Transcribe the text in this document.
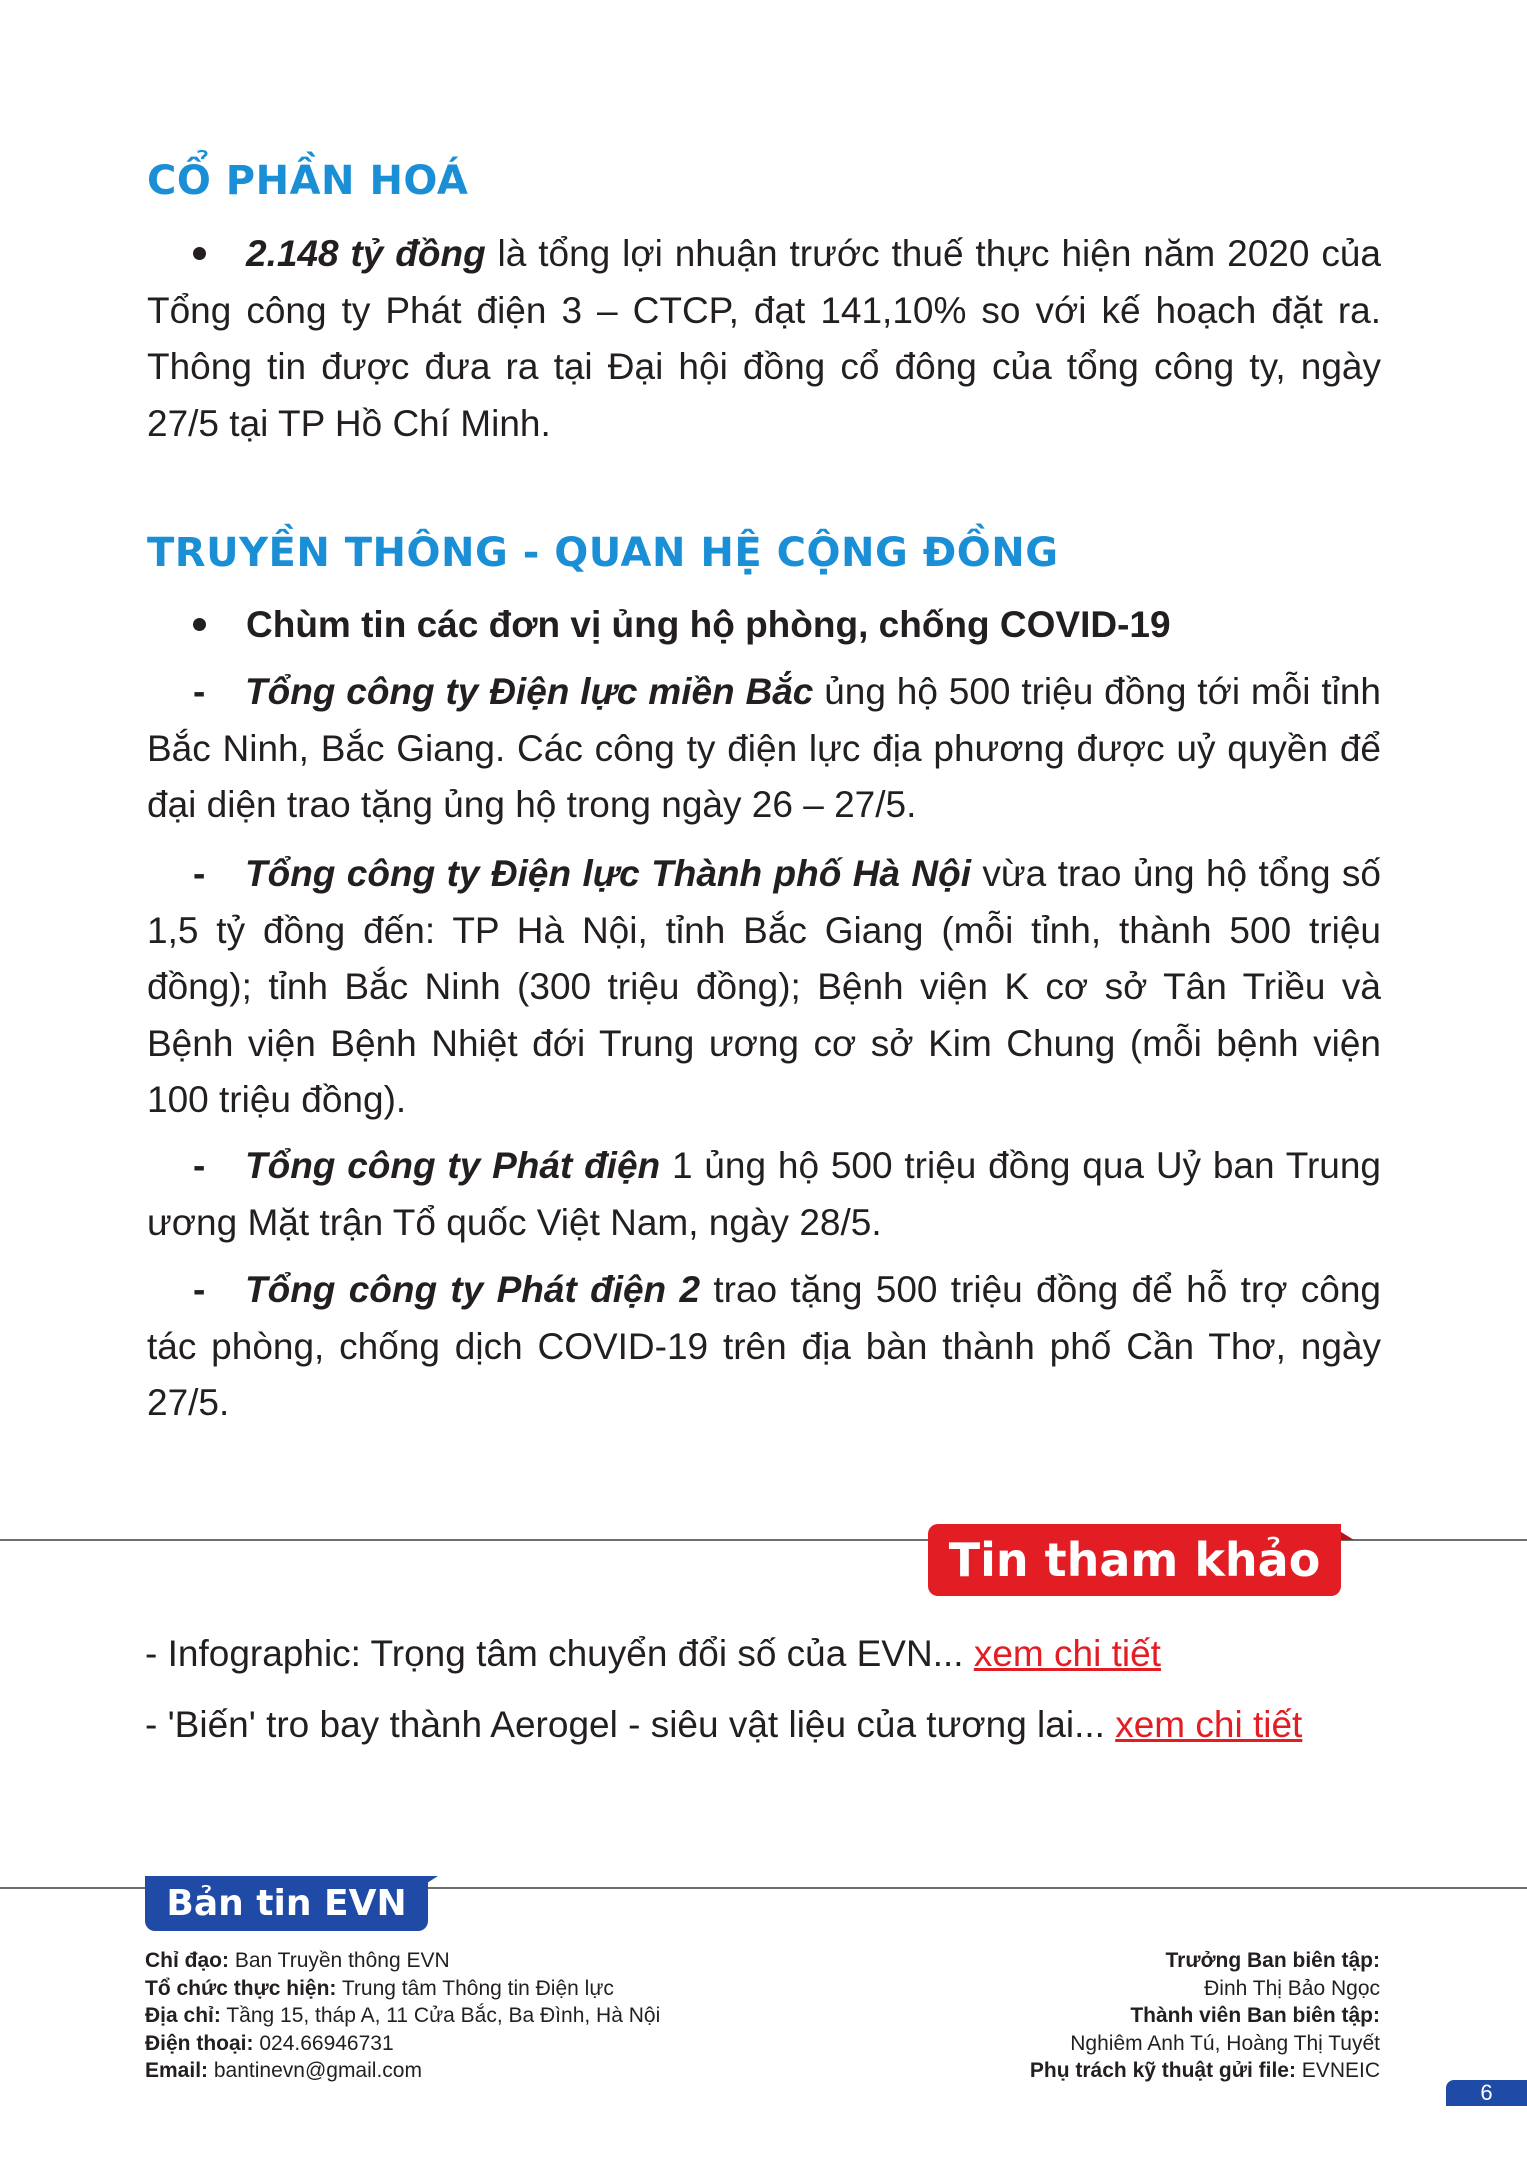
CỔ PHẦN HOÁ

2.148 tỷ đồng là tổng lợi nhuận trước thuế thực hiện năm 2020 của Tổng công ty Phát điện 3 – CTCP, đạt 141,10% so với kế hoạch đặt ra. Thông tin được đưa ra tại Đại hội đồng cổ đông của tổng công ty, ngày 27/5 tại TP Hồ Chí Minh.

TRUYỀN THÔNG - QUAN HỆ CỘNG ĐỒNG

Chùm tin các đơn vị ủng hộ phòng, chống COVID-19

- Tổng công ty Điện lực miền Bắc ủng hộ 500 triệu đồng tới mỗi tỉnh Bắc Ninh, Bắc Giang. Các công ty điện lực địa phương được uỷ quyền để đại diện trao tặng ủng hộ trong ngày 26 – 27/5.

- Tổng công ty Điện lực Thành phố Hà Nội vừa trao ủng hộ tổng số 1,5 tỷ đồng đến: TP Hà Nội, tỉnh Bắc Giang (mỗi tỉnh, thành 500 triệu đồng); tỉnh Bắc Ninh (300 triệu đồng); Bệnh viện K cơ sở Tân Triều và Bệnh viện Bệnh Nhiệt đới Trung ương cơ sở Kim Chung (mỗi bệnh viện 100 triệu đồng).

- Tổng công ty Phát điện 1 ủng hộ 500 triệu đồng qua Uỷ ban Trung ương Mặt trận Tổ quốc Việt Nam, ngày 28/5.

- Tổng công ty Phát điện 2 trao tặng 500 triệu đồng để hỗ trợ công tác phòng, chống dịch COVID-19 trên địa bàn thành phố Cần Thơ, ngày 27/5.

Tin tham khảo

- Infographic: Trọng tâm chuyển đổi số của EVN... xem chi tiết

- 'Biến' tro bay thành Aerogel - siêu vật liệu của tương lai... xem chi tiết

Bản tin EVN
Chỉ đạo: Ban Truyền thông EVN
Tổ chức thực hiện: Trung tâm Thông tin Điện lực
Địa chỉ: Tầng 15, tháp A, 11 Cửa Bắc, Ba Đình, Hà Nội
Điện thoại: 024.66946731
Email: bantinevn@gmail.com
Trưởng Ban biên tập:
Đinh Thị Bảo Ngọc
Thành viên Ban biên tập:
Nghiêm Anh Tú, Hoàng Thị Tuyết
Phụ trách kỹ thuật gửi file: EVNEIC
6
